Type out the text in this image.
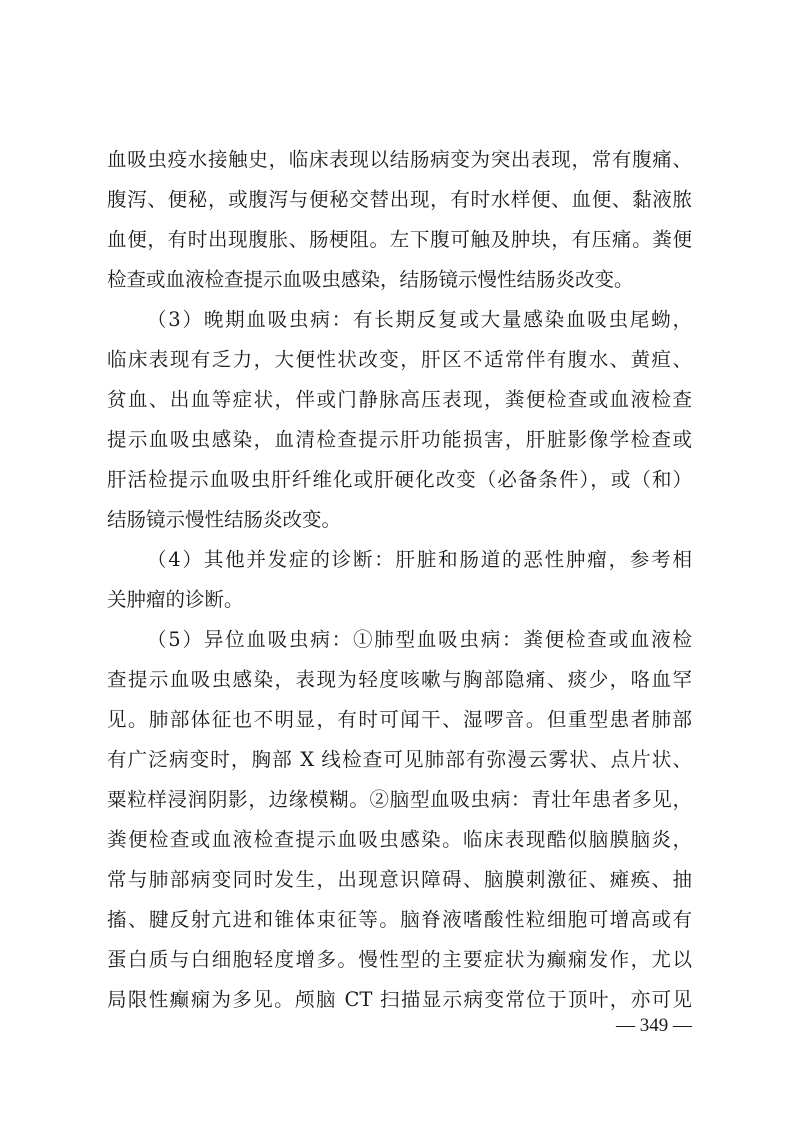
血吸虫疫水接触史，临床表现以结肠病变为突出表现，常有腹痛、
腹泻、便秘，或腹泻与便秘交替出现，有时水样便、血便、黏液脓
血便，有时出现腹胀、肠梗阻。左下腹可触及肿块，有压痛。粪便
检查或血液检查提示血吸虫感染，结肠镜示慢性结肠炎改变。
（3）晚期血吸虫病：有长期反复或大量感染血吸虫尾蚴，
临床表现有乏力，大便性状改变，肝区不适常伴有腹水、黄疸、
贫血、出血等症状，伴或门静脉高压表现，粪便检查或血液检查
提示血吸虫感染，血清检查提示肝功能损害，肝脏影像学检查或
肝活检提示血吸虫肝纤维化或肝硬化改变（必备条件），或（和）
结肠镜示慢性结肠炎改变。
（4）其他并发症的诊断：肝脏和肠道的恶性肿瘤，参考相
关肿瘤的诊断。
（5）异位血吸虫病：①肺型血吸虫病：粪便检查或血液检
查提示血吸虫感染，表现为轻度咳嗽与胸部隐痛、痰少，咯血罕
见。肺部体征也不明显，有时可闻干、湿啰音。但重型患者肺部
有广泛病变时，胸部 X 线检查可见肺部有弥漫云雾状、点片状、
粟粒样浸润阴影，边缘模糊。②脑型血吸虫病：青壮年患者多见，
粪便检查或血液检查提示血吸虫感染。临床表现酷似脑膜脑炎，
常与肺部病变同时发生，出现意识障碍、脑膜刺激征、瘫痪、抽
搐、腱反射亢进和锥体束征等。脑脊液嗜酸性粒细胞可增高或有
蛋白质与白细胞轻度增多。慢性型的主要症状为癫痫发作，尤以
局限性癫痫为多见。颅脑 CT 扫描显示病变常位于顶叶，亦可见
— 349 —
